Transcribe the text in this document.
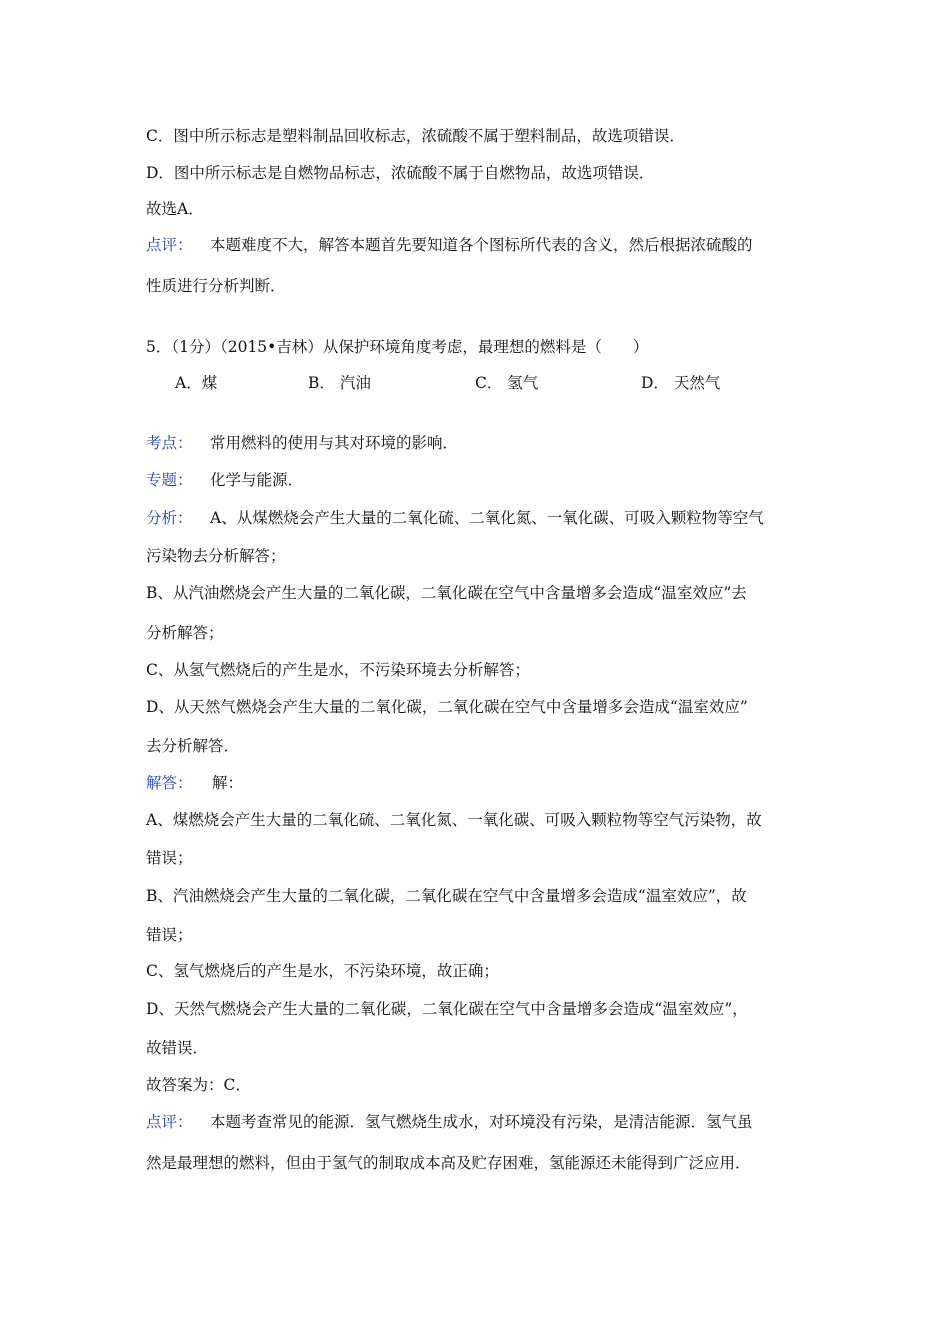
C．图中所示标志是塑料制品回收标志，浓硫酸不属于塑料制品，故选项错误．
D．图中所示标志是自燃物品标志，浓硫酸不属于自燃物品，故选项错误．
故选A．
点评： 本题难度不大，解答本题首先要知道各个图标所代表的含义，然后根据浓硫酸的
性质进行分析判断．
5．（1分）（2015•吉林）从保护环境角度考虑，最理想的燃料是（　　）
A．煤	B． 汽油	C． 氢气	D． 天然气
考点： 常用燃料的使用与其对环境的影响．
专题： 化学与能源．
分析： A、从煤燃烧会产生大量的二氧化硫、二氧化氮、一氧化碳、可吸入颗粒物等空气
污染物去分析解答；
B、从汽油燃烧会产生大量的二氧化碳，二氧化碳在空气中含量增多会造成“温室效应”去
分析解答；
C、从氢气燃烧后的产生是水，不污染环境去分析解答；
D、从天然气燃烧会产生大量的二氧化碳，二氧化碳在空气中含量增多会造成“温室效应”
去分析解答．
解答： 解：
A、煤燃烧会产生大量的二氧化硫、二氧化氮、一氧化碳、可吸入颗粒物等空气污染物，故
错误；
B、汽油燃烧会产生大量的二氧化碳，二氧化碳在空气中含量增多会造成“温室效应”，故
错误；
C、氢气燃烧后的产生是水，不污染环境，故正确；
D、天然气燃烧会产生大量的二氧化碳，二氧化碳在空气中含量增多会造成“温室效应”，
故错误．
故答案为：C．
点评： 本题考查常见的能源．氢气燃烧生成水，对环境没有污染，是清洁能源．氢气虽
然是最理想的燃料，但由于氢气的制取成本高及贮存困难，氢能源还未能得到广泛应用．
